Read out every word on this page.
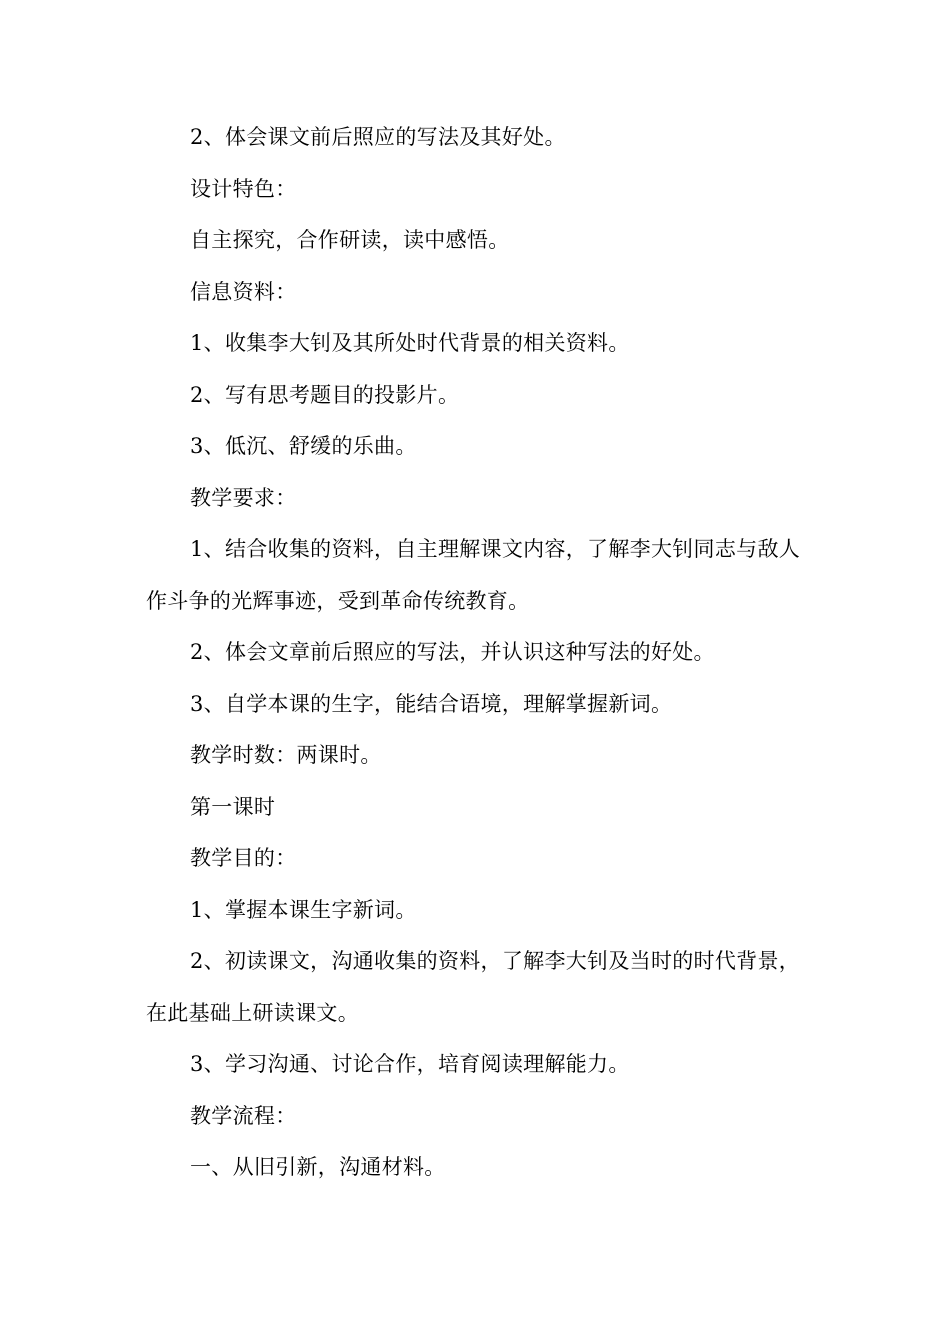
2、体会课文前后照应的写法及其好处。

设计特色：

自主探究，合作研读，读中感悟。

信息资料：

1、收集李大钊及其所处时代背景的相关资料。

2、写有思考题目的投影片。

3、低沉、舒缓的乐曲。

教学要求：

1、结合收集的资料，自主理解课文内容，了解李大钊同志与敌人作斗争的光辉事迹，受到革命传统教育。

2、体会文章前后照应的写法，并认识这种写法的好处。

3、自学本课的生字，能结合语境，理解掌握新词。

教学时数：两课时。

第一课时

教学目的：

1、掌握本课生字新词。

2、初读课文，沟通收集的资料，了解李大钊及当时的时代背景，在此基础上研读课文。

3、学习沟通、讨论合作，培育阅读理解能力。

教学流程：

一、从旧引新，沟通材料。
